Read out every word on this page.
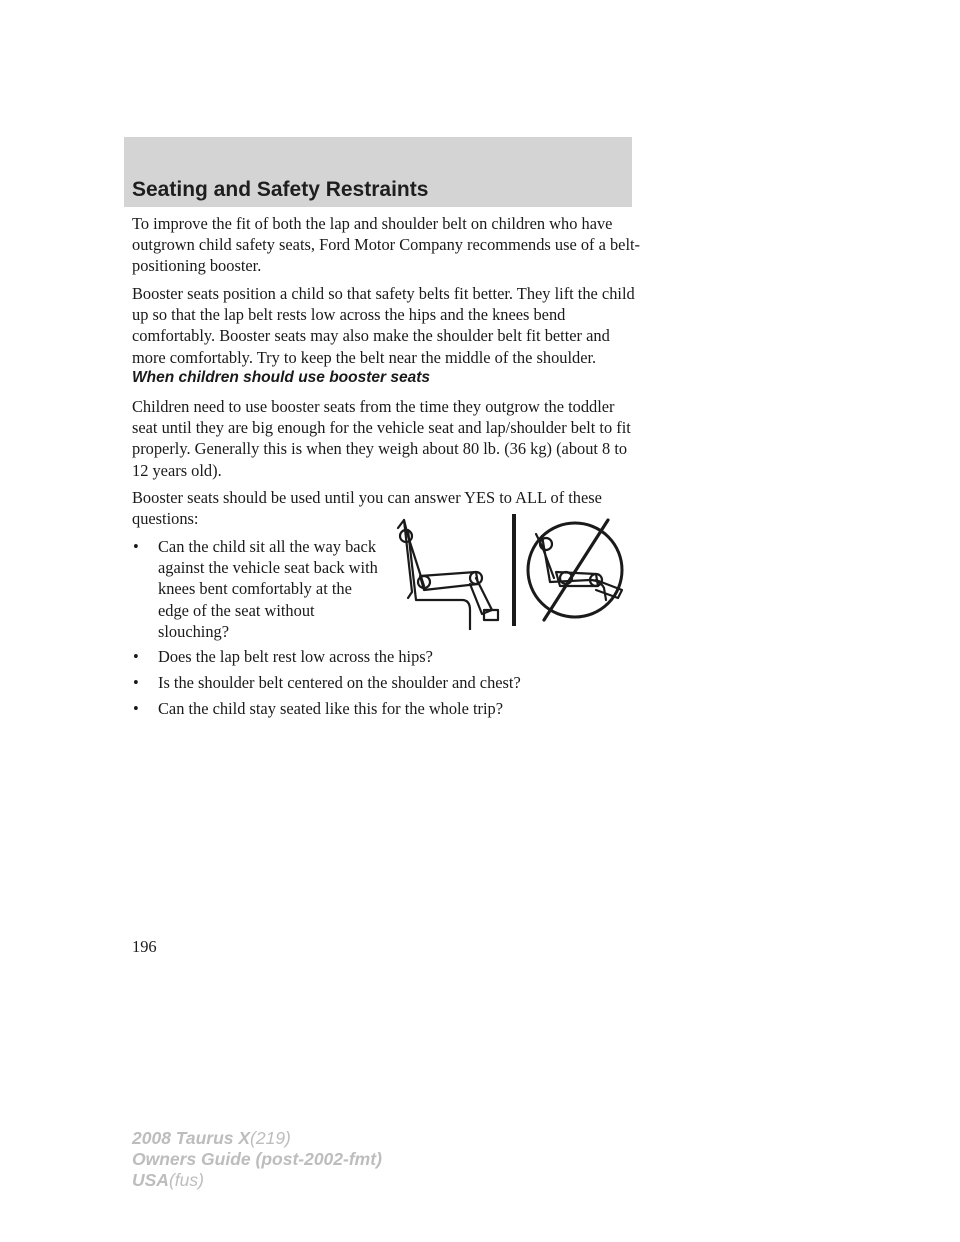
Seating and Safety Restraints

To improve the fit of both the lap and shoulder belt on children who have outgrown child safety seats, Ford Motor Company recommends use of a belt-positioning booster.

Booster seats position a child so that safety belts fit better. They lift the child up so that the lap belt rests low across the hips and the knees bend comfortably. Booster seats may also make the shoulder belt fit better and more comfortably. Try to keep the belt near the middle of the shoulder.

When children should use booster seats

Children need to use booster seats from the time they outgrow the toddler seat until they are big enough for the vehicle seat and lap/shoulder belt to fit properly. Generally this is when they weigh about 80 lb. (36 kg) (about 8 to 12 years old).

Booster seats should be used until you can answer YES to ALL of these questions:

• Can the child sit all the way back against the vehicle seat back with knees bent comfortably at the edge of the seat without slouching?
• Does the lap belt rest low across the hips?
• Is the shoulder belt centered on the shoulder and chest?
• Can the child stay seated like this for the whole trip?
196
2008 Taurus X(219)
Owners Guide (post-2002-fmt)
USA(fus)
